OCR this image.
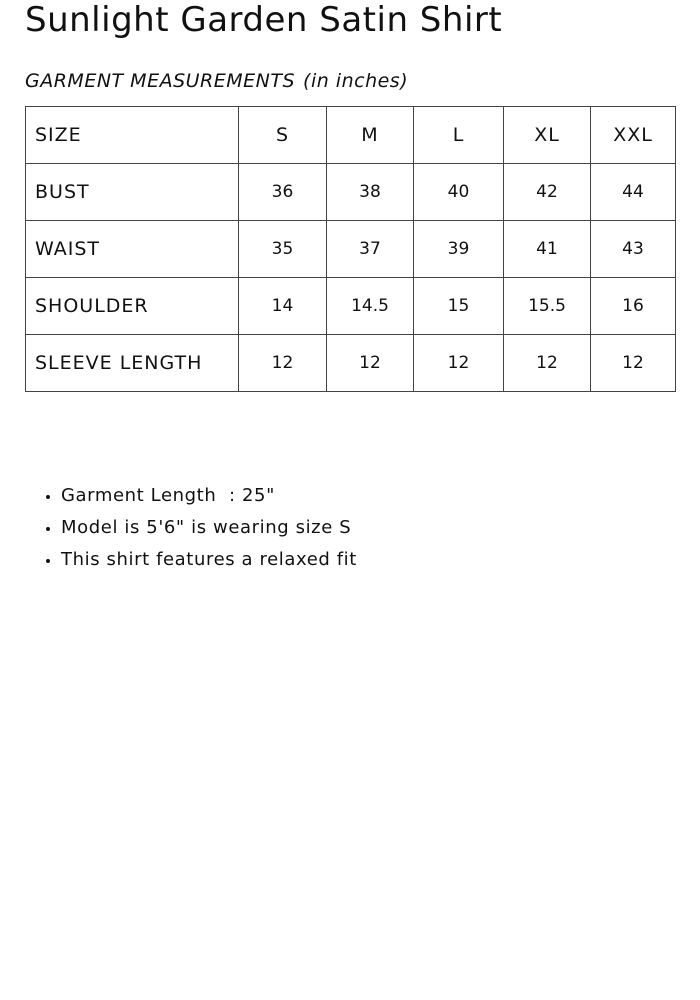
Sunlight Garden Satin Shirt
GARMENT MEASUREMENTS (in inches)
SIZE	S	M	L	XL	XXL
BUST	36	38	40	42	44
WAIST	35	37	39	41	43
SHOULDER	14	14.5	15	15.5	16
SLEEVE LENGTH	12	12	12	12	12
• Garment Length  : 25"
• Model is 5'6" is wearing size S
• This shirt features a relaxed fit
